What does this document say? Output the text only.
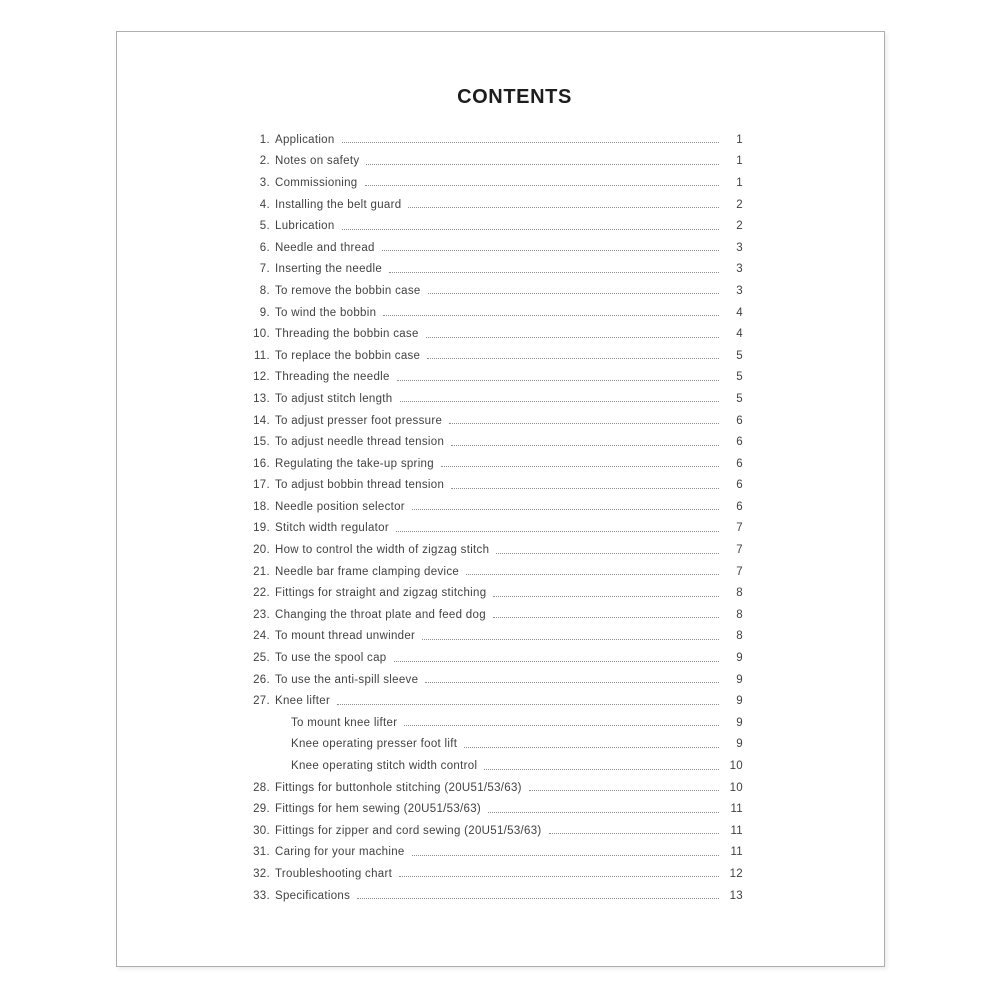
CONTENTS
1. Application	1
2. Notes on safety	1
3. Commissioning	1
4. Installing the belt guard	2
5. Lubrication	2
6. Needle and thread	3
7. Inserting the needle	3
8. To remove the bobbin case	3
9. To wind the bobbin	4
10. Threading the bobbin case	4
11. To replace the bobbin case	5
12. Threading the needle	5
13. To adjust stitch length	5
14. To adjust presser foot pressure	6
15. To adjust needle thread tension	6
16. Regulating the take-up spring	6
17. To adjust bobbin thread tension	6
18. Needle position selector	6
19. Stitch width regulator	7
20. How to control the width of zigzag stitch	7
21. Needle bar frame clamping device	7
22. Fittings for straight and zigzag stitching	8
23. Changing the throat plate and feed dog	8
24. To mount thread unwinder	8
25. To use the spool cap	9
26. To use the anti-spill sleeve	9
27. Knee lifter	9
To mount knee lifter	9
Knee operating presser foot lift	9
Knee operating stitch width control	10
28. Fittings for buttonhole stitching (20U51/53/63)	10
29. Fittings for hem sewing (20U51/53/63)	11
30. Fittings for zipper and cord sewing (20U51/53/63)	11
31. Caring for your machine	11
32. Troubleshooting chart	12
33. Specifications	13
